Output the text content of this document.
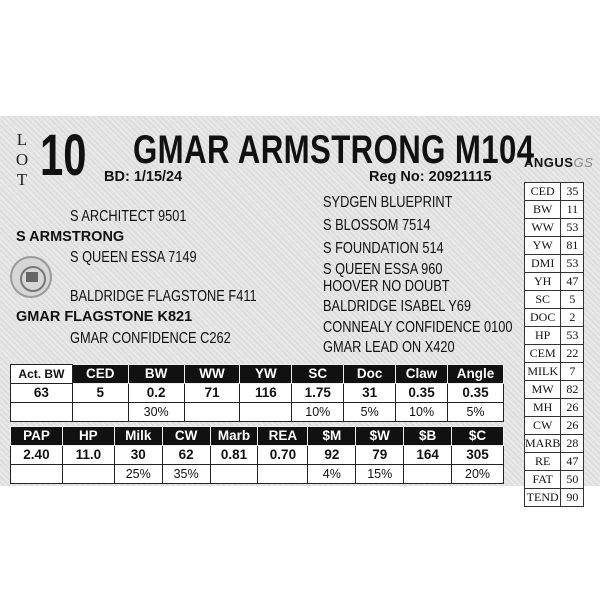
L
O
T 10 GMAR ARMSTRONG M104
BD: 1/15/24	Reg No: 20921115
ANGUSGS
S ARCHITECT 9501
S ARMSTRONG
S QUEEN ESSA 7149
BALDRIDGE FLAGSTONE F411
GMAR FLAGSTONE K821
GMAR CONFIDENCE C262
SYDGEN BLUEPRINT
S BLOSSOM 7514
S FOUNDATION 514
S QUEEN ESSA 960
HOOVER NO DOUBT
BALDRIDGE ISABEL Y69
CONNEALY CONFIDENCE 0100
GMAR LEAD ON X420
CED	35
BW	11
WW	53
YW	81
DMI	53
YH	47
SC	5
DOC	2
HP	53
CEM	22
MILK	7
MW	82
MH	26
CW	26
MARB	28
RE	47
FAT	50
TEND	90
Act. BW	CED	BW	WW	YW	SC	Doc	Claw	Angle
63	5	0.2	71	116	1.75	31	0.35	0.35
		30%			10%	5%	10%	5%
PAP	HP	Milk	CW	Marb	REA	$M	$W	$B	$C
2.40	11.0	30	62	0.81	0.70	92	79	164	305
		25%	35%			4%	15%		20%
